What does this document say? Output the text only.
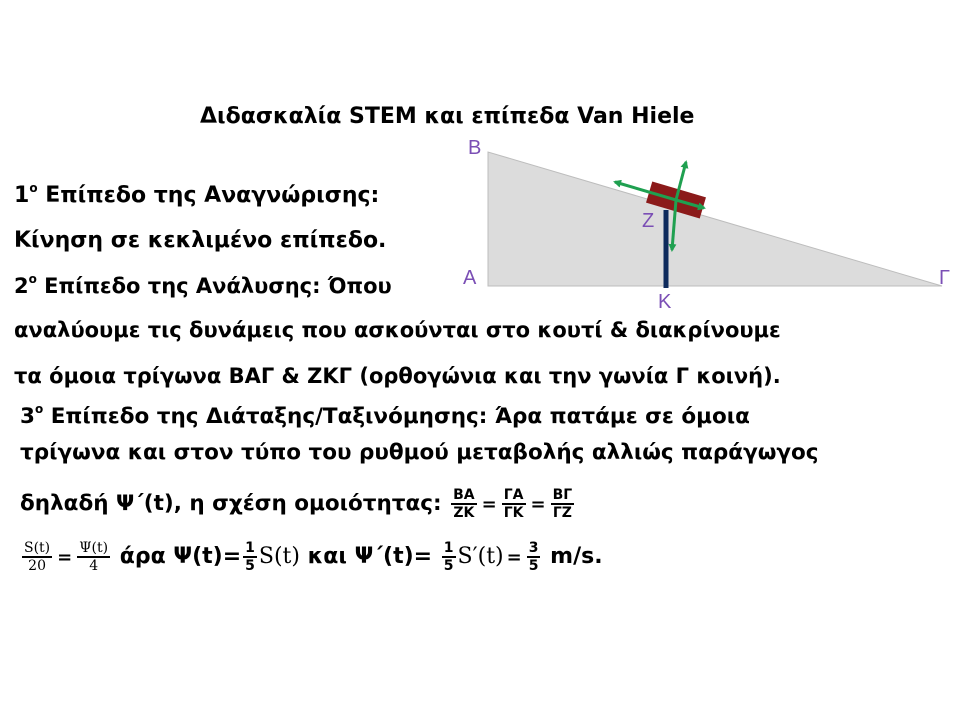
Διδασκαλία STEM και επίπεδα Van Hiele
$1^o$ Επίπεδο της Αναγνώρισης:
Κίνηση σε κεκλιμένο επίπεδο.
$2^o$ Επίπεδο της Ανάλυσης: Όπου
αναλύουμε τις δυνάμεις που ασκούνται στο κουτί & διακρίνουμε
τα όμοια τρίγωνα ΒΑΓ & ΖΚΓ (ορθογώνια και την γωνία Γ κοινή).
$3^o$ Επίπεδο της Διάταξης/Ταξινόμησης: Άρα πατάμε σε όμοια
τρίγωνα και στον τύπο του ρυθμού μεταβολής αλλιώς παράγωγος
δηλαδή Ψ΄(t), η σχέση ομοιότητας: $\frac{BA}{ZK} = \frac{\Gamma A}{\Gamma K} = \frac{B\Gamma}{\Gamma Z}$
$\frac{S(t)}{20} = \frac{\Psi(t)}{4}$ άρα $\Psi(t)= \frac{1}{5} S(t)$ και $\Psi΄(t)= \frac{1}{5} S'(t) = \frac{3}{5} m/s$.
Β
Α	Γ
Ζ
Κ
